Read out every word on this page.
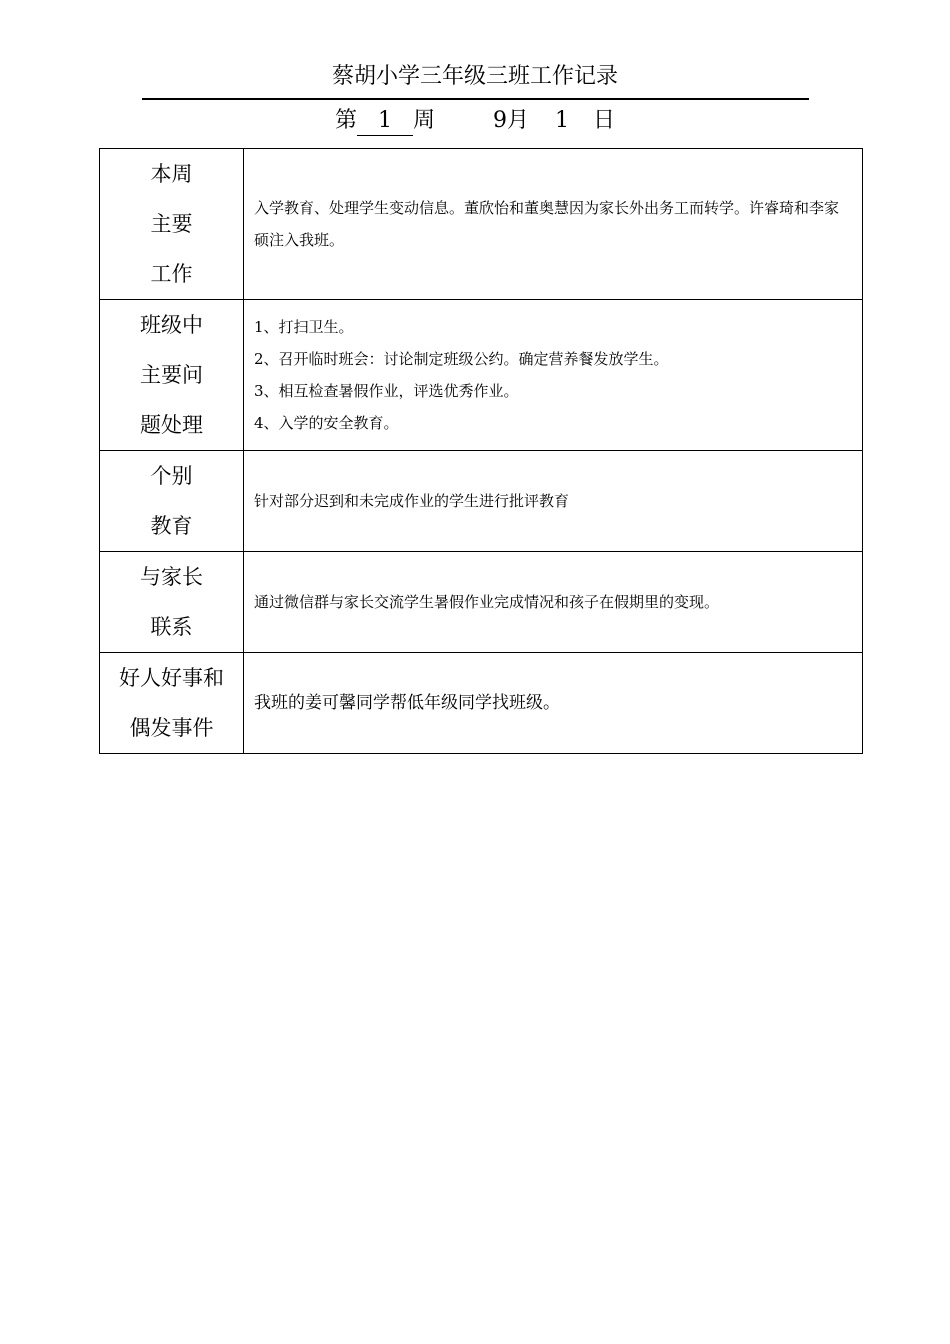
蔡胡小学三年级三班工作记录
第 1 周	9月 1 日
本周
主要
工作	入学教育、处理学生变动信息。董欣怡和董奥慧因为家长外出务工而转学。许睿琦和李家硕注入我班。

班级中
主要问
题处理	1、打扫卫生。
2、召开临时班会：讨论制定班级公约。确定营养餐发放学生。
3、相互检查暑假作业，评选优秀作业。
4、入学的安全教育。

个别
教育	针对部分迟到和未完成作业的学生进行批评教育

与家长
联系	通过微信群与家长交流学生暑假作业完成情况和孩子在假期里的变现。

好人好事和
偶发事件	我班的姜可馨同学帮低年级同学找班级。
